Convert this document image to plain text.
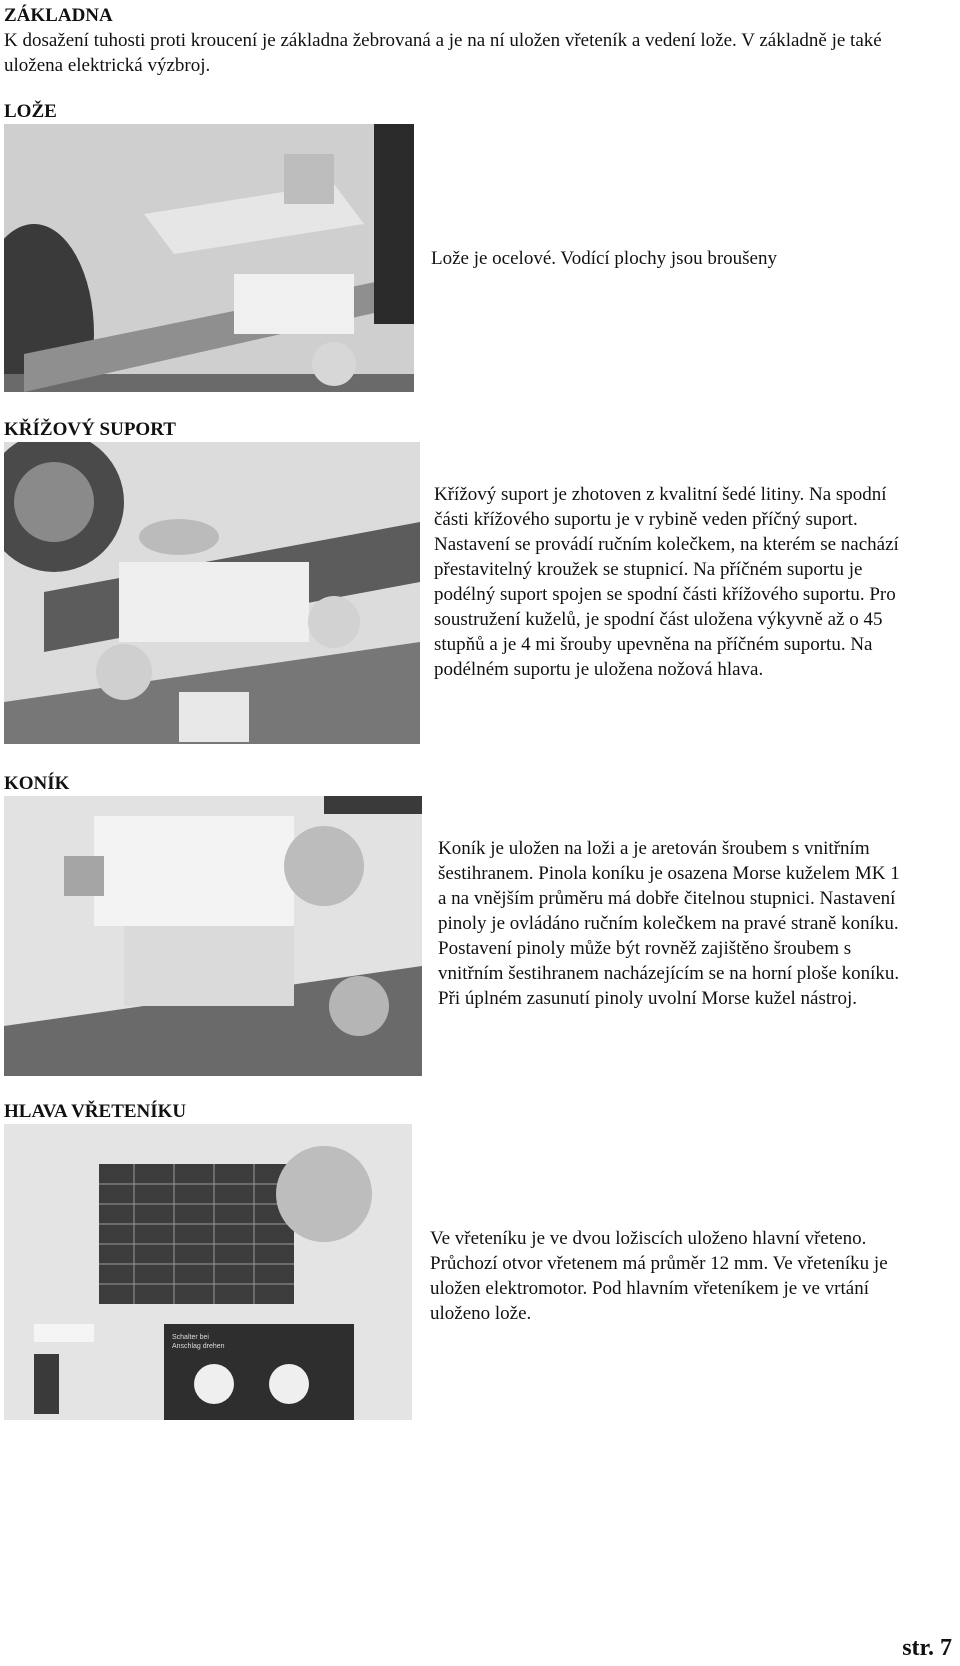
ZÁKLADNA

K dosažení tuhosti proti kroucení je základna žebrovaná a je na ní uložen vřeteník a vedení lože. V základně je také uložena elektrická výzbroj.

LOŽE

Lože je ocelové. Vodící plochy jsou broušeny

KŘÍŽOVÝ SUPORT

Křížový suport je zhotoven z kvalitní šedé litiny. Na spodní části křížového suportu je v rybině veden příčný suport. Nastavení se provádí ručním kolečkem, na kterém se nachází přestavitelný kroužek se stupnicí. Na příčném suportu je podélný suport spojen se spodní části křížového suportu. Pro soustružení kuželů, je spodní část uložena výkyvně až o 45 stupňů a je 4 mi šrouby upevněna na příčném suportu. Na podélném suportu je uložena nožová hlava.

KONÍK

Koník je uložen na loži a je aretován šroubem s vnitřním šestihranem. Pinola koníku je osazena Morse kuželem MK 1 a na vnějším průměru má dobře čitelnou stupnici. Nastavení pinoly je ovládáno ručním kolečkem na pravé straně koníku. Postavení pinoly může být rovněž zajištěno šroubem s vnitřním šestihranem nacházejícím se na horní ploše koníku. Při úplném zasunutí pinoly uvolní Morse kužel nástroj.

HLAVA VŘETENÍKU
Schalter bei
Anschlag drehen

Ve vřeteníku je ve dvou ložiscích uloženo hlavní vřeteno. Průchozí otvor vřetenem má průměr 12 mm. Ve vřeteníku je uložen elektromotor. Pod hlavním vřeteníkem je ve vrtání uloženo lože.

str. 7
